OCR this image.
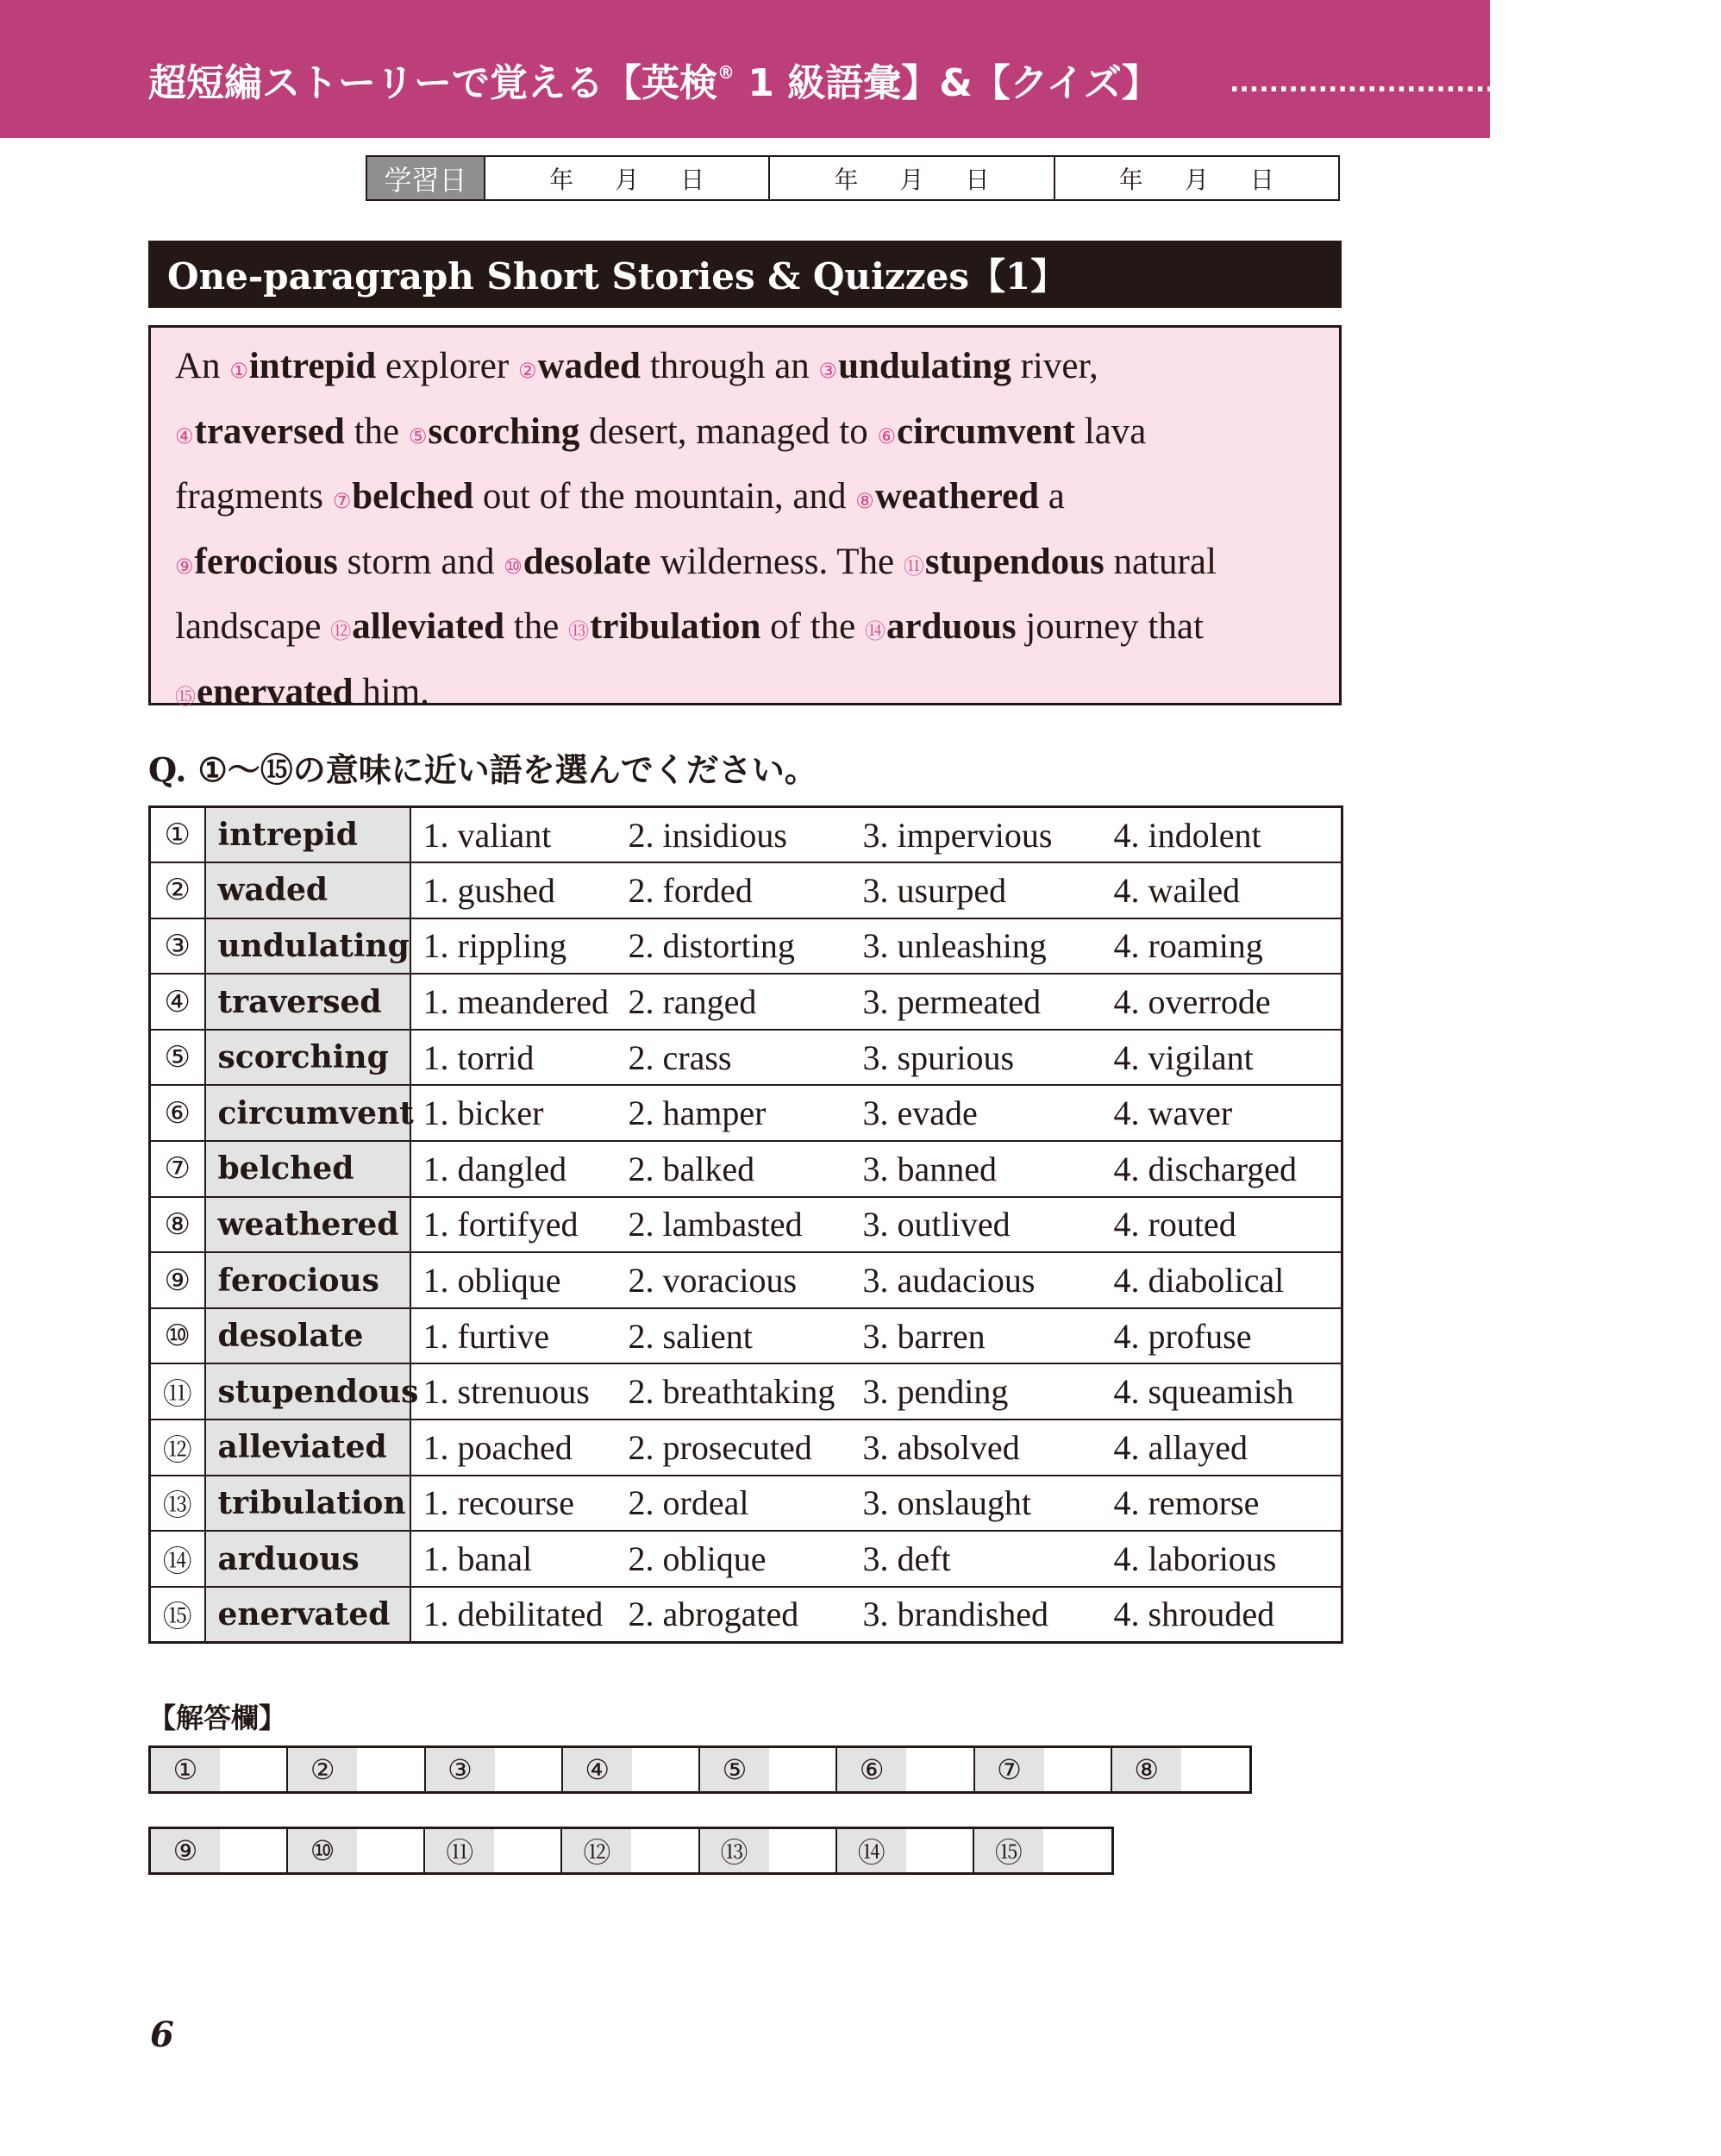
超短編ストーリーで覚える【英検® 1 級語彙】&【クイズ】	..................................................
学習日	年 月 日	年 月 日	年 月 日
One-paragraph Short Stories & Quizzes【1】
An ①intrepid explorer ②waded through an ③undulating river,
④traversed the ⑤scorching desert, managed to ⑥circumvent lava
fragments ⑦belched out of the mountain, and ⑧weathered a
⑨ferocious storm and ⑩desolate wilderness. The ⑪stupendous natural
landscape ⑫alleviated the ⑬tribulation of the ⑭arduous journey that
⑮enervated him.
Q. ①～⑮の意味に近い語を選んでください。
①	intrepid	1. valiant 2. insidious 3. impervious 4. indolent

②	waded	1. gushed 2. forded 3. usurped 4. wailed

③	undulating	1. rippling 2. distorting 3. unleashing 4. roaming

④	traversed	1. meandered 2. ranged 3. permeated 4. overrode

⑤	scorching	1. torrid 2. crass 3. spurious 4. vigilant

⑥	circumvent	1. bicker 2. hamper 3. evade 4. waver

⑦	belched	1. dangled 2. balked 3. banned 4. discharged

⑧	weathered	1. fortifyed 2. lambasted 3. outlived 4. routed

⑨	ferocious	1. oblique 2. voracious 3. audacious 4. diabolical

⑩	desolate	1. furtive 2. salient 3. barren 4. profuse

⑪	stupendous	1. strenuous 2. breathtaking 3. pending 4. squeamish

⑫	alleviated	1. poached 2. prosecuted 3. absolved 4. allayed

⑬	tribulation	1. recourse 2. ordeal 3. onslaught 4. remorse

⑭	arduous	1. banal 2. oblique 3. deft 4. laborious

⑮	enervated	1. debilitated 2. abrogated 3. brandished 4. shrouded
【解答欄】
①	②	③	④	⑤	⑥	⑦	⑧
⑨	⑩	⑪	⑫	⑬	⑭	⑮
6
